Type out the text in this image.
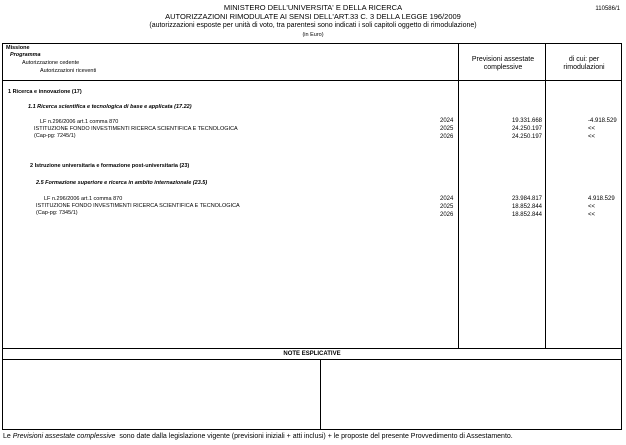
110586/1
MINISTERO DELL'UNIVERSITA' E DELLA RICERCA
AUTORIZZAZIONI RIMODULATE AI SENSI DELL'ART.33 C. 3 DELLA LEGGE 196/2009
(autorizzazioni esposte per unità di voto, tra parentesi sono indicati i soli capitoli oggetto di rimodulazione)
(in Euro)
Missione
Programma
Autorizzazione cedente
Autorizzazioni riceventi
Previsioni assestate complessive
di cui: per rimodulazioni
1 Ricerca e innovazione (17)
1.1 Ricerca scientifica e tecnologica di base e applicata (17.22)
LF n.296/2006 art.1 comma 870
ISTITUZIONE FONDO INVESTIMENTI RICERCA SCIENTIFICA E TECNOLOGICA
(Cap-pg: 7245/1)
2024
2025
2026
19.331.668
24.250.197
24.250.197
-4.918.529
<<
<<
2 Istruzione universitaria e formazione post-universitaria (23)
2.5 Formazione superiore e ricerca in ambito internazionale (23.5)
LF n.296/2006 art.1 comma 870
ISTITUZIONE FONDO INVESTIMENTI RICERCA SCIENTIFICA E TECNOLOGICA
(Cap-pg: 7345/1)
2024
2025
2026
23.984.817
18.852.844
18.852.844
4.918.529
<<
<<
NOTE ESPLICATIVE
Le Previsioni assestate complessive  sono date dalla legislazione vigente (previsioni iniziali + atti inclusi) + le proposte del presente Provvedimento di Assestamento.
